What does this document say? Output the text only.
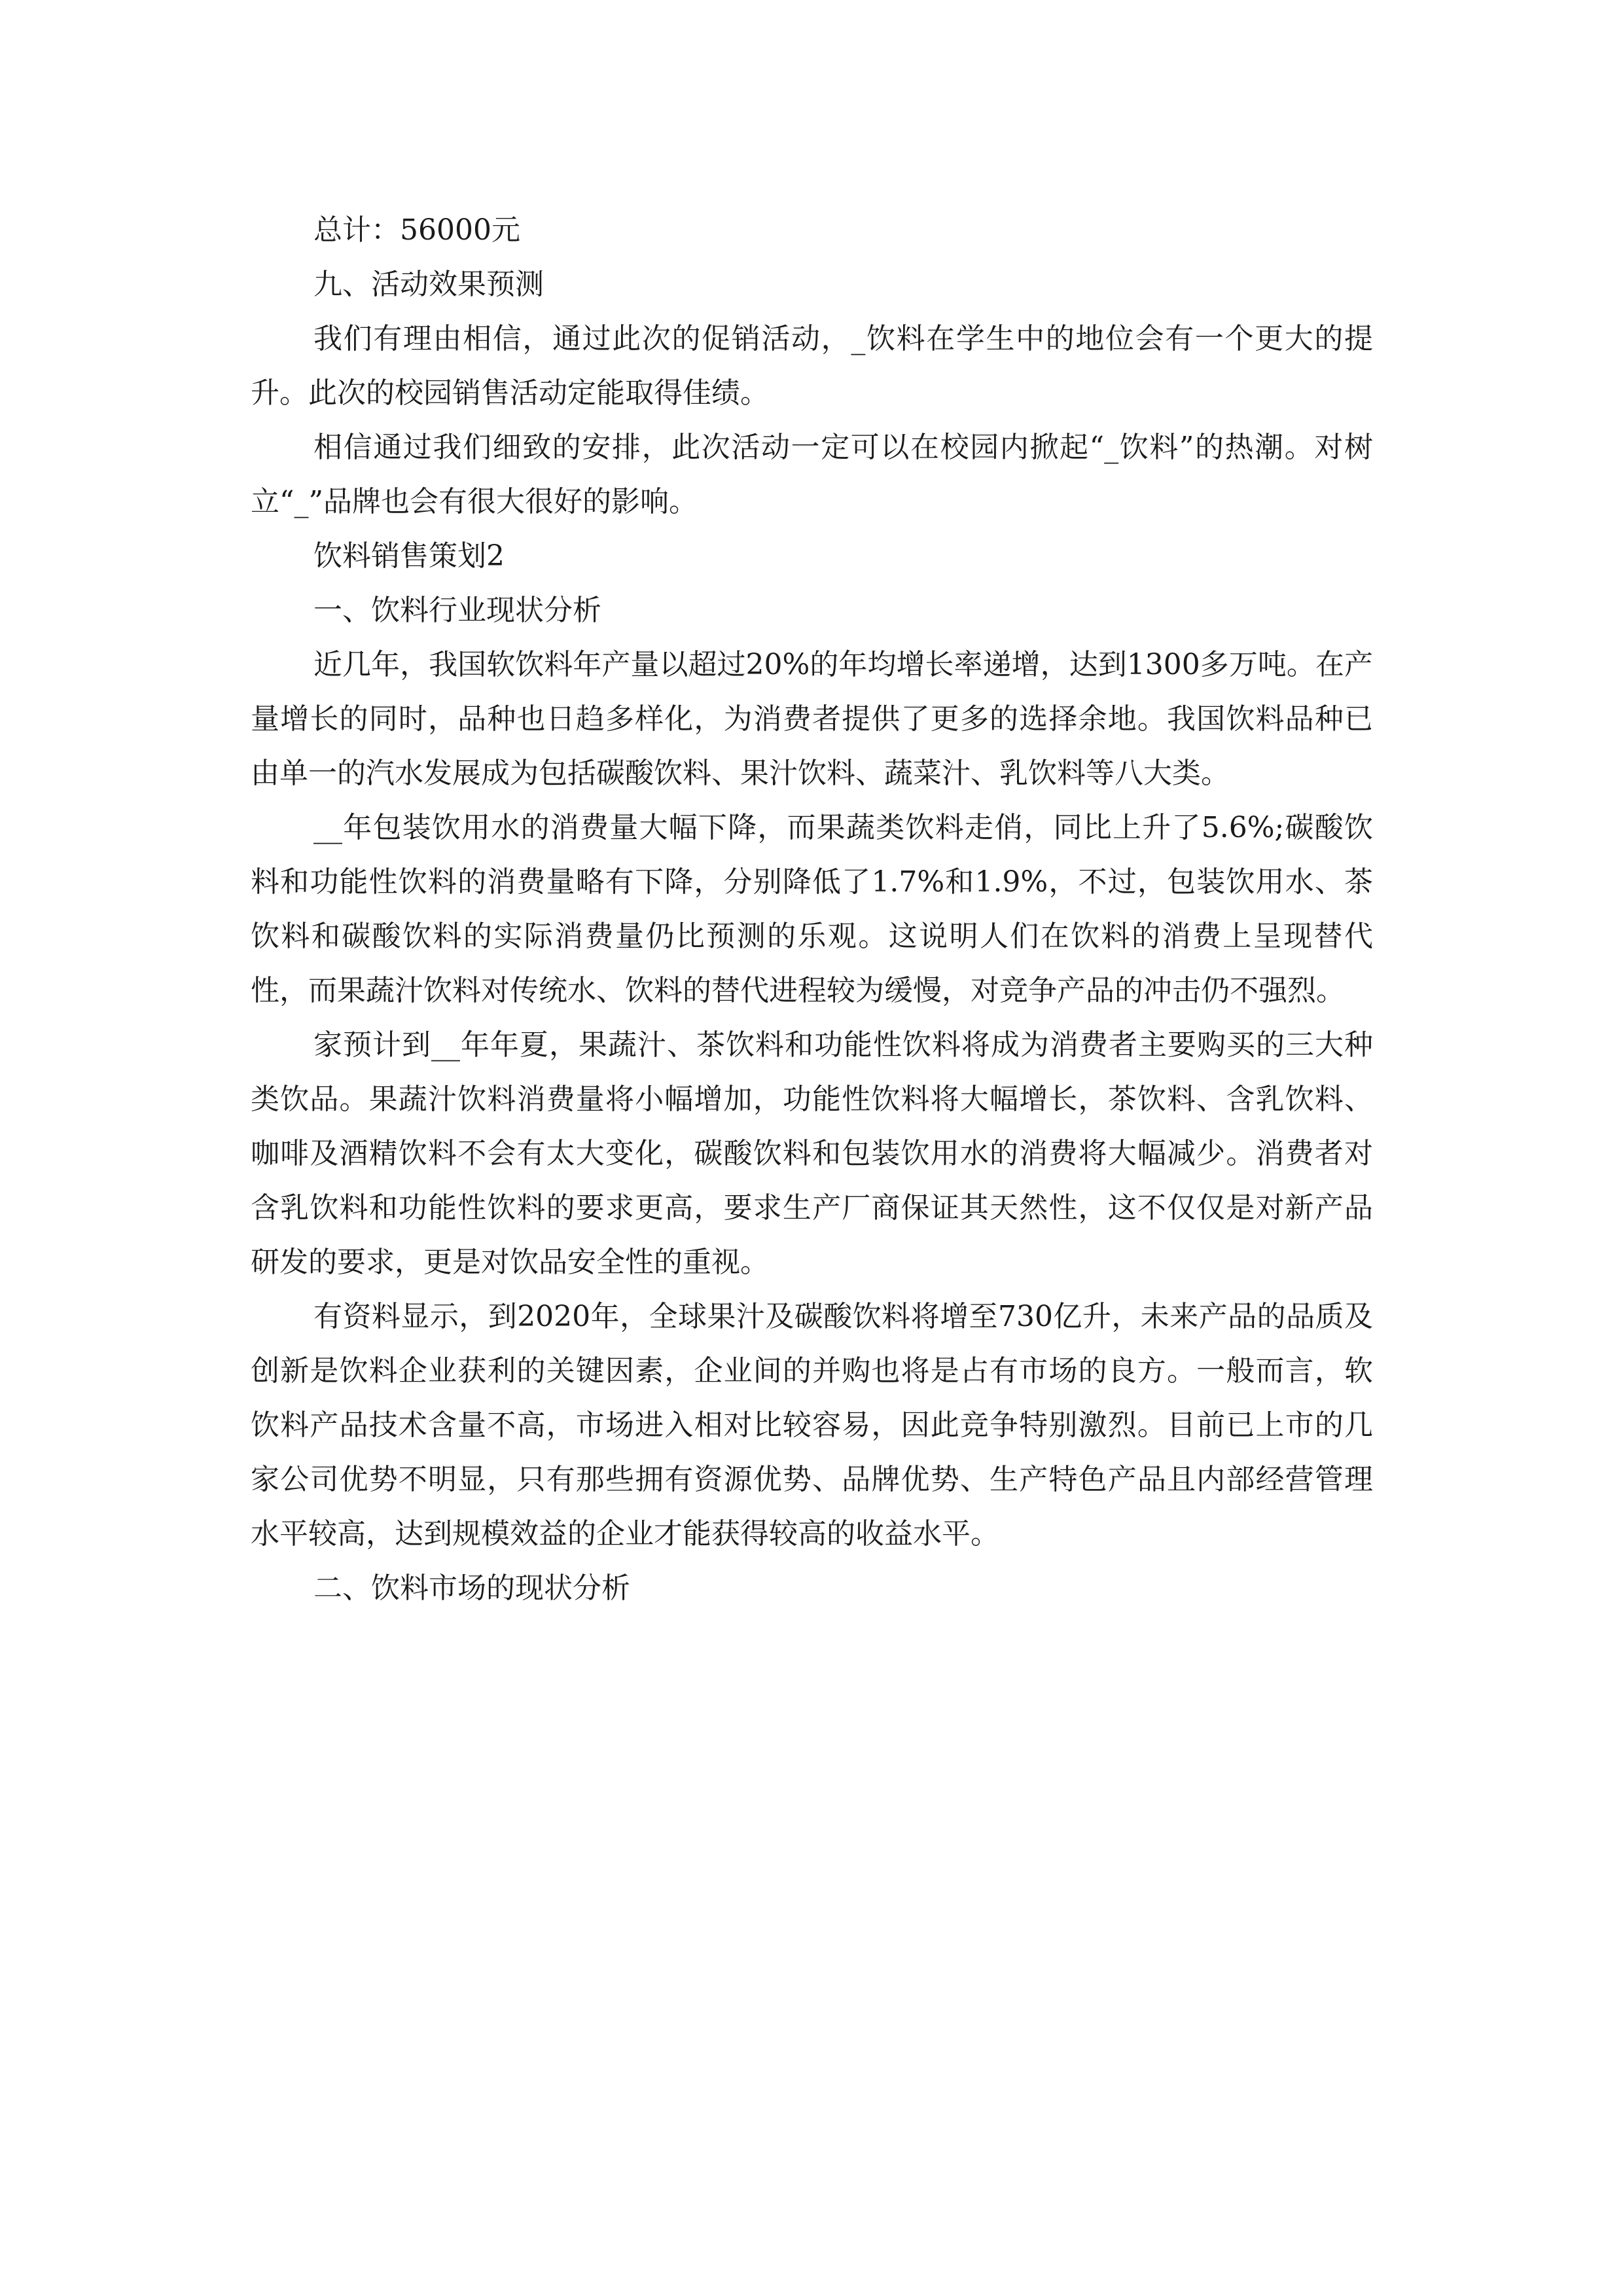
总计：56000元

九、活动效果预测

我们有理由相信，通过此次的促销活动，_饮料在学生中的地位会有一个更大的提升。此次的校园销售活动定能取得佳绩。

相信通过我们细致的安排，此次活动一定可以在校园内掀起“_饮料”的热潮。对树立“_”品牌也会有很大很好的影响。

饮料销售策划2

一、饮料行业现状分析

近几年，我国软饮料年产量以超过20%的年均增长率递增，达到1300多万吨。在产量增长的同时，品种也日趋多样化，为消费者提供了更多的选择余地。我国饮料品种已由单一的汽水发展成为包括碳酸饮料、果汁饮料、蔬菜汁、乳饮料等八大类。

__年包装饮用水的消费量大幅下降，而果蔬类饮料走俏，同比上升了5.6%;碳酸饮料和功能性饮料的消费量略有下降，分别降低了1.7%和1.9%，不过，包装饮用水、茶饮料和碳酸饮料的实际消费量仍比预测的乐观。这说明人们在饮料的消费上呈现替代性，而果蔬汁饮料对传统水、饮料的替代进程较为缓慢，对竞争产品的冲击仍不强烈。

家预计到__年年夏，果蔬汁、茶饮料和功能性饮料将成为消费者主要购买的三大种类饮品。果蔬汁饮料消费量将小幅增加，功能性饮料将大幅增长，茶饮料、含乳饮料、咖啡及酒精饮料不会有太大变化，碳酸饮料和包装饮用水的消费将大幅减少。消费者对含乳饮料和功能性饮料的要求更高，要求生产厂商保证其天然性，这不仅仅是对新产品研发的要求，更是对饮品安全性的重视。

有资料显示，到2020年，全球果汁及碳酸饮料将增至730亿升，未来产品的品质及创新是饮料企业获利的关键因素，企业间的并购也将是占有市场的良方。一般而言，软饮料产品技术含量不高，市场进入相对比较容易，因此竞争特别激烈。目前已上市的几家公司优势不明显，只有那些拥有资源优势、品牌优势、生产特色产品且内部经营管理水平较高，达到规模效益的企业才能获得较高的收益水平。

二、饮料市场的现状分析
